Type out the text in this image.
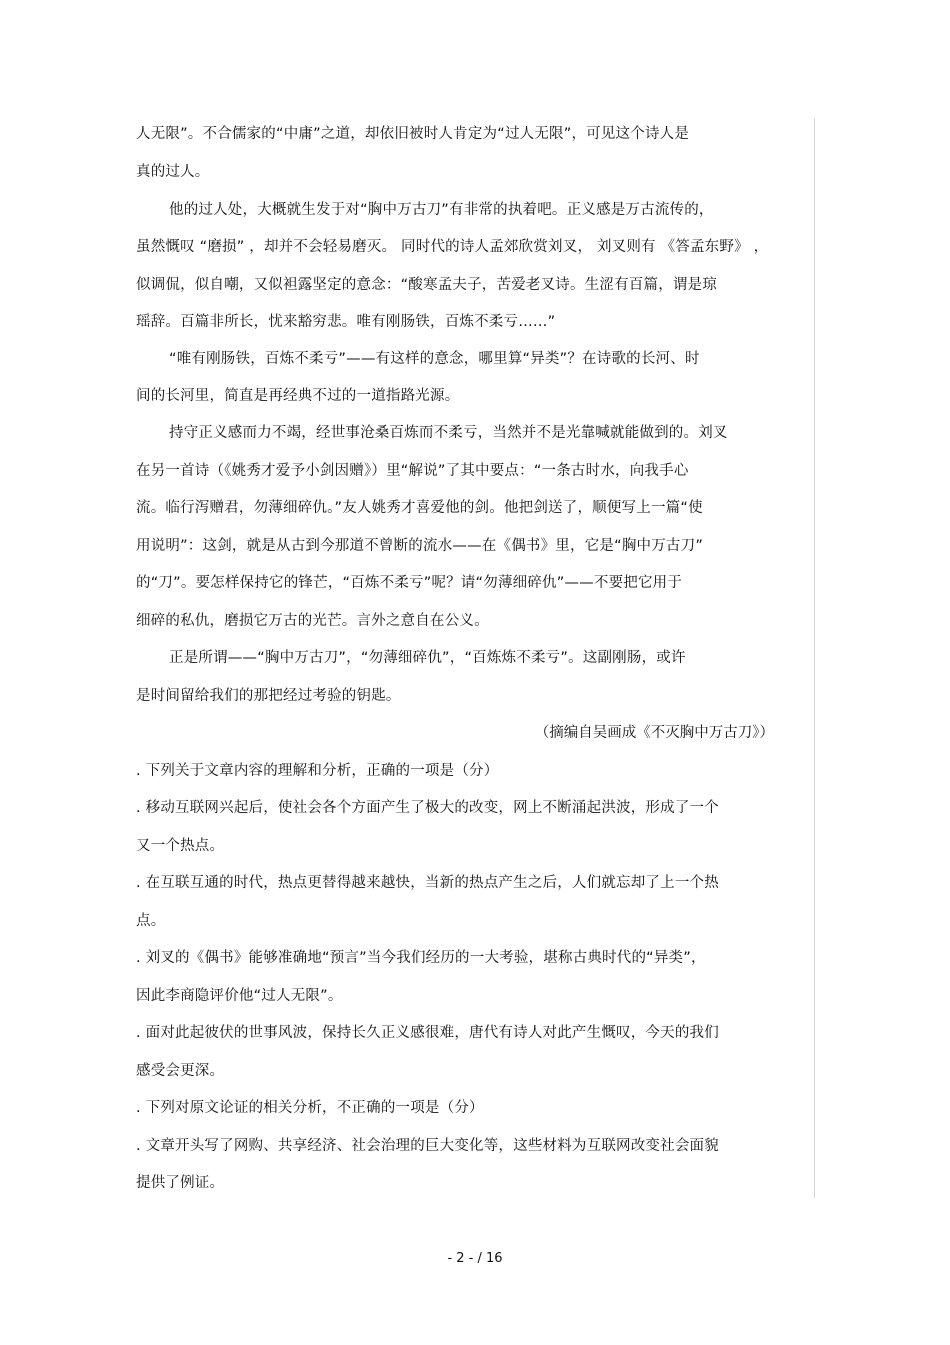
人无限”。不合儒家的“中庸”之道，却依旧被时人肯定为“过人无限”，可见这个诗人是
真的过人。
他的过人处，大概就生发于对“胸中万古刀”有非常的执着吧。正义感是万古流传的，
虽然慨叹 “磨损” ，却并不会轻易磨灭。 同时代的诗人孟郊欣赏刘叉， 刘叉则有 《答孟东野》 ，
似调侃，似自嘲，又似袒露坚定的意念：“酸寒孟夫子，苦爱老叉诗。生涩有百篇，谓是琼
瑶辞。百篇非所长，忧来豁穷悲。唯有刚肠铁，百炼不柔亏……”
“唯有刚肠铁，百炼不柔亏”——有这样的意念，哪里算“异类”？在诗歌的长河、时
间的长河里，简直是再经典不过的一道指路光源。
持守正义感而力不竭，经世事沧桑百炼而不柔亏，当然并不是光靠喊就能做到的。刘叉
在另一首诗（《姚秀才爱予小剑因赠》）里“解说”了其中要点：“一条古时水，向我手心
流。临行泻赠君，勿薄细碎仇。”友人姚秀才喜爱他的剑。他把剑送了，顺便写上一篇“使
用说明”：这剑，就是从古到今那道不曾断的流水——在《偶书》里，它是“胸中万古刀”
的“刀”。要怎样保持它的锋芒，“百炼不柔亏”呢？请“勿薄细碎仇”——不要把它用于
细碎的私仇，磨损它万古的光芒。言外之意自在公义。
正是所谓——“胸中万古刀”，“勿薄细碎仇”，“百炼炼不柔亏”。这副刚肠，或许
是时间留给我们的那把经过考验的钥匙。
（摘编自吴画成《不灭胸中万古刀》）
. 下列关于文章内容的理解和分析，正确的一项是（分）
. 移动互联网兴起后，使社会各个方面产生了极大的改变，网上不断涌起洪波，形成了一个
又一个热点。
. 在互联互通的时代，热点更替得越来越快，当新的热点产生之后，人们就忘却了上一个热
点。
. 刘叉的《偶书》能够准确地“预言”当今我们经历的一大考验，堪称古典时代的“异类”，
因此李商隐评价他“过人无限”。
. 面对此起彼伏的世事风波，保持长久正义感很难，唐代有诗人对此产生慨叹，今天的我们
感受会更深。
. 下列对原文论证的相关分析，不正确的一项是（分）
. 文章开头写了网购、共享经济、社会治理的巨大变化等，这些材料为互联网改变社会面貌
提供了例证。
- 2 - / 16
